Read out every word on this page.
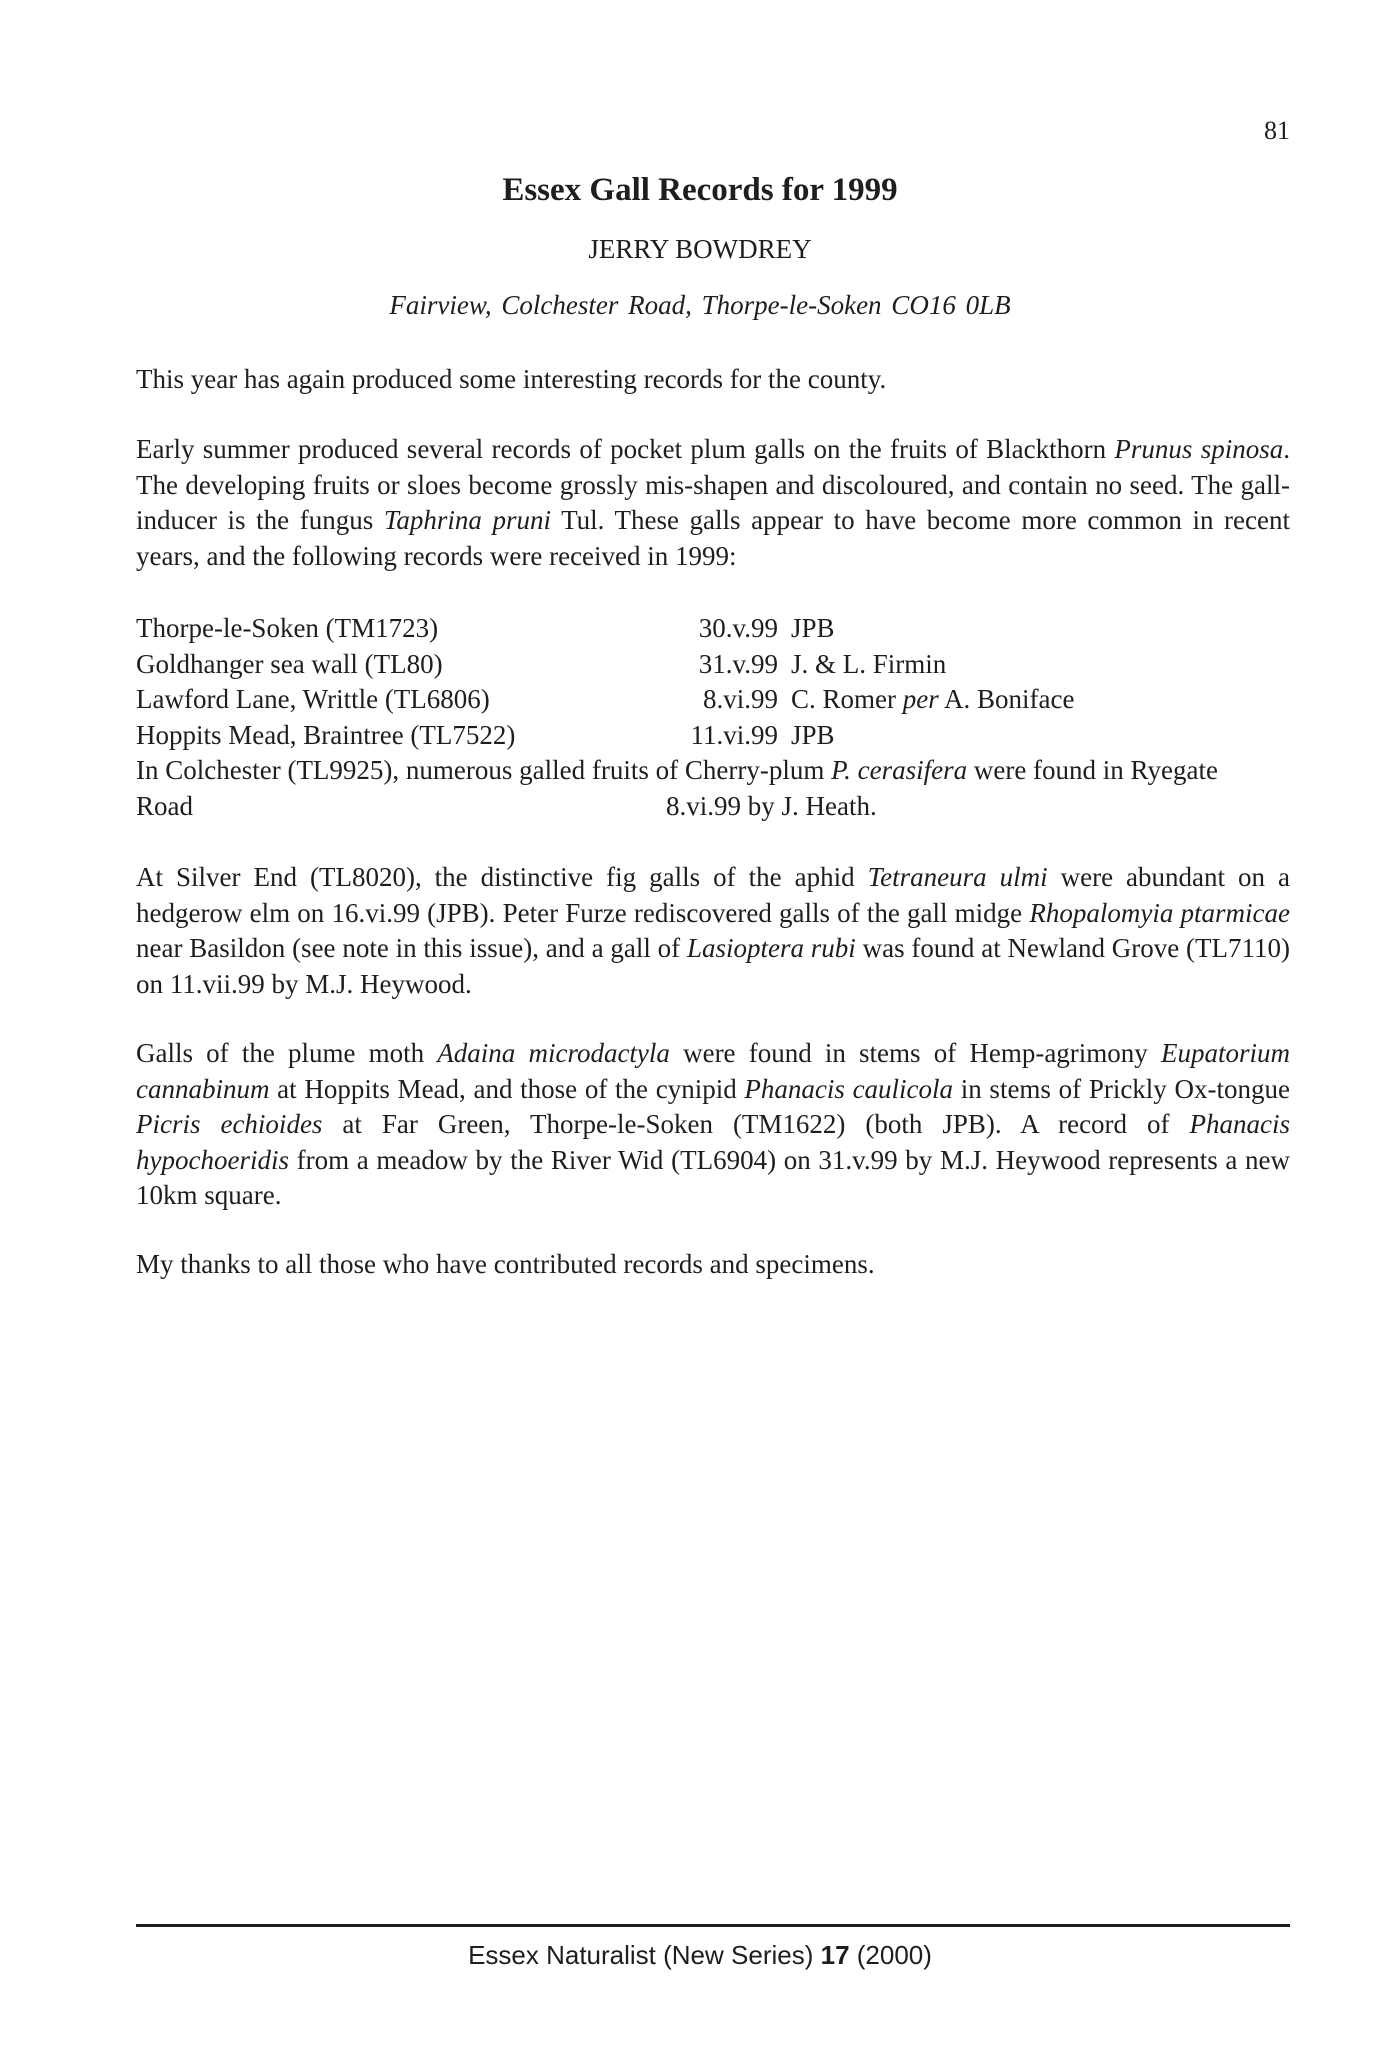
81
Essex Gall Records for 1999
JERRY BOWDREY
Fairview, Colchester Road, Thorpe-le-Soken CO16 0LB

This year has again produced some interesting records for the county.

Early summer produced several records of pocket plum galls on the fruits of Blackthorn Prunus spinosa. The developing fruits or sloes become grossly mis-shapen and discoloured, and contain no seed. The gall-inducer is the fungus Taphrina pruni Tul. These galls appear to have become more common in recent years, and the following records were received in 1999:

Thorpe-le-Soken (TM1723)	30.v.99 JPB
Goldhanger sea wall (TL80)	31.v.99 J. & L. Firmin
Lawford Lane, Writtle (TL6806)	8.vi.99 C. Romer per A. Boniface
Hoppits Mead, Braintree (TL7522)	11.vi.99 JPB
In Colchester (TL9925), numerous galled fruits of Cherry-plum P. cerasifera were found in Ryegate
Road	8.vi.99 by J. Heath.

At Silver End (TL8020), the distinctive fig galls of the aphid Tetraneura ulmi were abundant on a hedgerow elm on 16.vi.99 (JPB). Peter Furze rediscovered galls of the gall midge Rhopalomyia ptarmicae near Basildon (see note in this issue), and a gall of Lasioptera rubi was found at Newland Grove (TL7110) on 11.vii.99 by M.J. Heywood.

Galls of the plume moth Adaina microdactyla were found in stems of Hemp-agrimony Eupatorium cannabinum at Hoppits Mead, and those of the cynipid Phanacis caulicola in stems of Prickly Ox-tongue Picris echioides at Far Green, Thorpe-le-Soken (TM1622) (both JPB). A record of Phanacis hypochoeridis from a meadow by the River Wid (TL6904) on 31.v.99 by M.J. Heywood represents a new 10km square.

My thanks to all those who have contributed records and specimens.

Essex Naturalist (New Series) 17 (2000)
